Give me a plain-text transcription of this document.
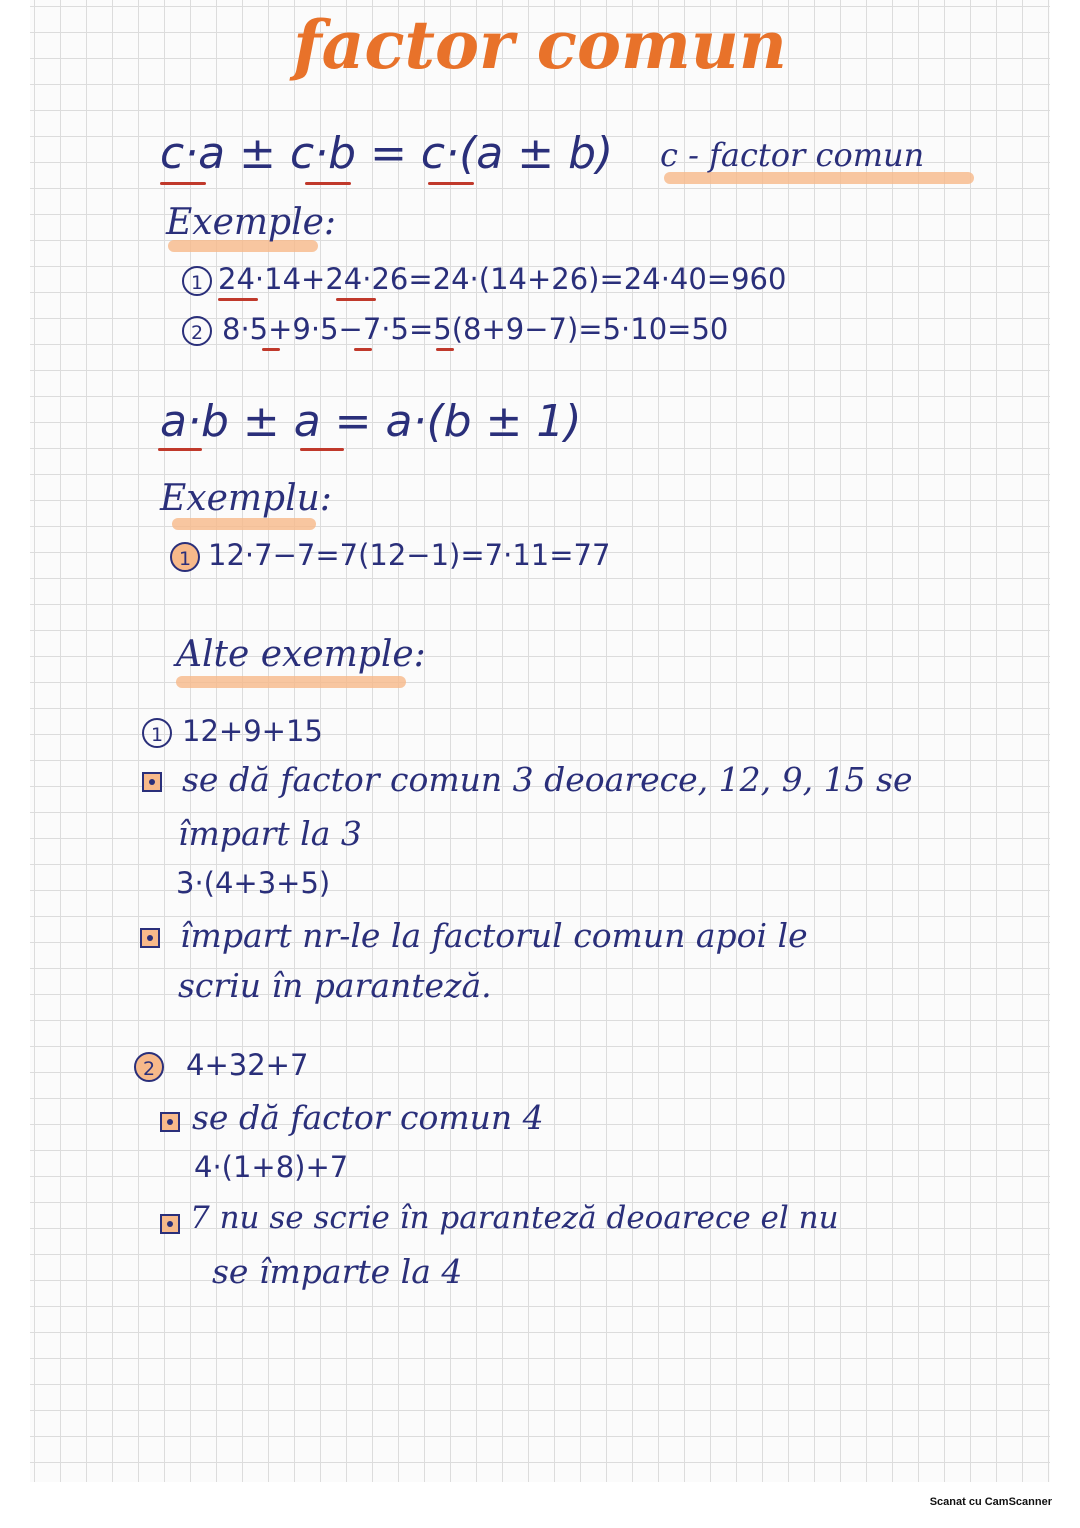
factor comun
c·a ± c·b = c·(a ± b) c - factor comun
Exemple:
1 24·14+24·26=24·(14+26)=24·40=960
2 8·5+9·5−7·5=5(8+9−7)=5·10=50
a·b ± a = a·(b ± 1)
Exemplu:
1 12·7−7=7(12−1)=7·11=77
Alte exemple:
1 12+9+15
se dă factor comun 3 deoarece, 12, 9, 15 se
împart la 3
3·(4+3+5)
împart nr-le la factorul comun apoi le
scriu în paranteză.
2	4+32+7
se dă factor comun 4
4·(1+8)+7
7 nu se scrie în paranteză deoarece el nu
se împarte la 4
Scanat cu CamScanner
